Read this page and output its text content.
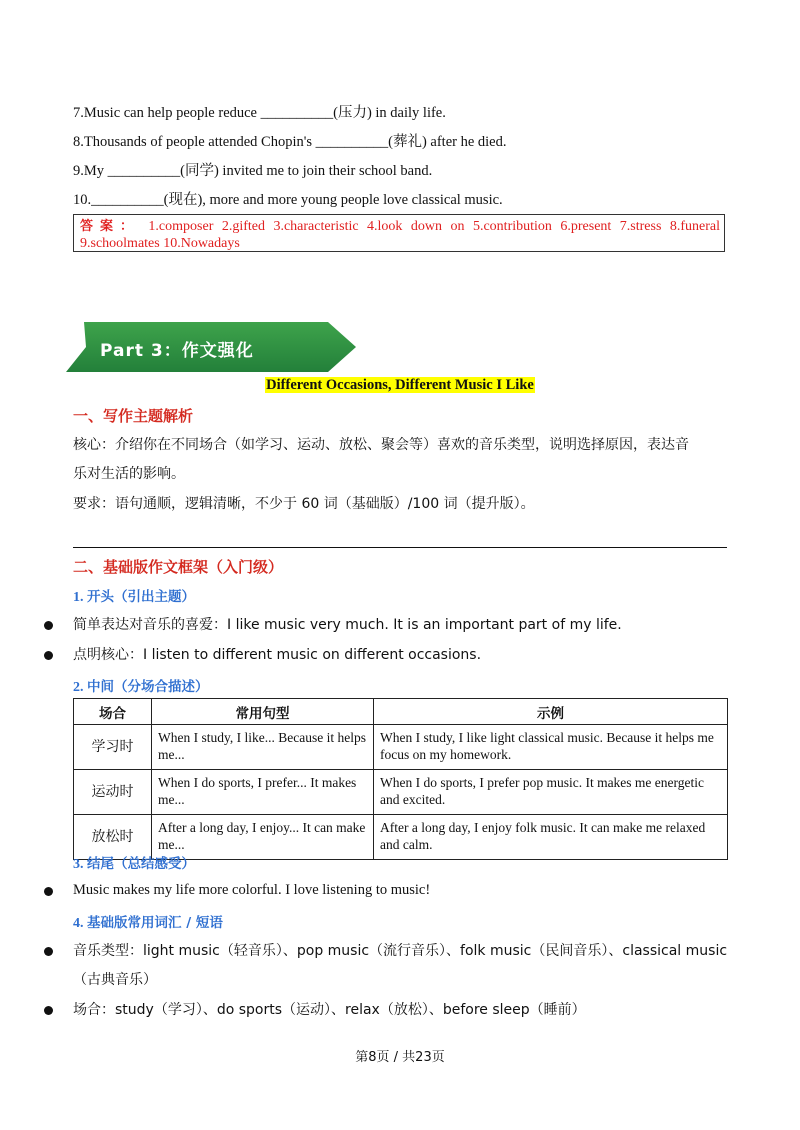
7.Music can help people reduce __________(压力) in daily life.
8.Thousands of people attended Chopin's __________(葬礼) after he died.
9.My __________(同学) invited me to join their school band.
10.__________(现在), more and more young people love classical music.
答案： 1.composer 2.gifted 3.characteristic 4.look down on 5.contribution 6.present 7.stress 8.funeral 9.schoolmates 10.Nowadays
Part 3：作文强化
Different Occasions, Different Music I Like
一、写作主题解析
核心：介绍你在不同场合（如学习、运动、放松、聚会等）喜欢的音乐类型，说明选择原因，表达音
乐对生活的影响。
要求：语句通顺，逻辑清晰，不少于 60 词（基础版）/100 词（提升版）。
二、基础版作文框架（入门级）
1. 开头（引出主题）
简单表达对音乐的喜爱：I like music very much. It is an important part of my life.
点明核心：I listen to different music on different occasions.
2. 中间（分场合描述）
场合	常用句型	示例
学习时	When I study, I like... Because it helps me...	When I study, I like light classical music. Because it helps me focus on my homework.
运动时	When I do sports, I prefer... It makes me...	When I do sports, I prefer pop music. It makes me energetic and excited.
放松时	After a long day, I enjoy... It can make me...	After a long day, I enjoy folk music. It can make me relaxed and calm.
3. 结尾（总结感受）
Music makes my life more colorful. I love listening to music!
4. 基础版常用词汇 / 短语
音乐类型：light music（轻音乐）、pop music（流行音乐）、folk music（民间音乐）、classical music
（古典音乐）
场合：study（学习）、do sports（运动）、relax（放松）、before sleep（睡前）
第8页 / 共23页
